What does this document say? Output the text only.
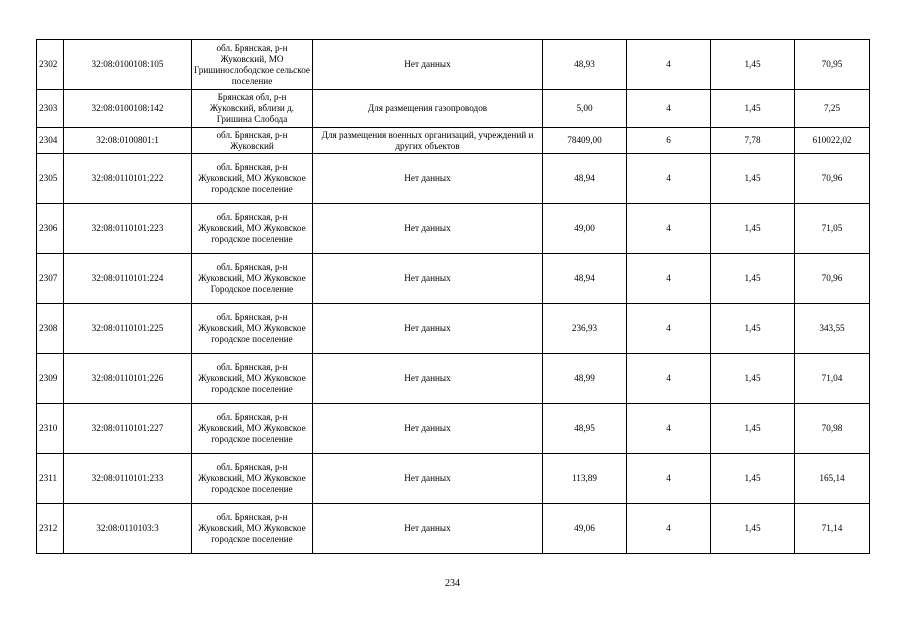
2302	32:08:0100108:105	обл. Брянская, р-н Жуковский, МО Гришинослободское сельское поселение	Нет данных	48,93	4	1,45	70,95
2303	32:08:0100108:142	Брянская обл, р-н Жуковский, вблизи д. Гришина Слобода	Для размещения газопроводов	5,00	4	1,45	7,25
2304	32:08:0100801:1	обл. Брянская, р-н Жуковский	Для размещения военных организаций, учреждений и других объектов	78409,00	6	7,78	610022,02
2305	32:08:0110101:222	обл. Брянская, р-н Жуковский, МО Жуковское городское поселение	Нет данных	48,94	4	1,45	70,96
2306	32:08:0110101:223	обл. Брянская, р-н Жуковский, МО Жуковское городское поселение	Нет данных	49,00	4	1,45	71,05
2307	32:08:0110101:224	обл. Брянская, р-н Жуковский, МО Жуковское Городское поселение	Нет данных	48,94	4	1,45	70,96
2308	32:08:0110101:225	обл. Брянская, р-н Жуковский, МО Жуковское городское поселение	Нет данных	236,93	4	1,45	343,55
2309	32:08:0110101:226	обл. Брянская, р-н Жуковский, МО Жуковское городское поселение	Нет данных	48,99	4	1,45	71,04
2310	32:08:0110101:227	обл. Брянская, р-н Жуковский, МО Жуковское городское поселение	Нет данных	48,95	4	1,45	70,98
2311	32:08:0110101:233	обл. Брянская, р-н Жуковский, МО Жуковское городское поселение	Нет данных	113,89	4	1,45	165,14
2312	32:08:0110103:3	обл. Брянская, р-н Жуковский, МО Жуковское городское поселение	Нет данных	49,06	4	1,45	71,14
234
